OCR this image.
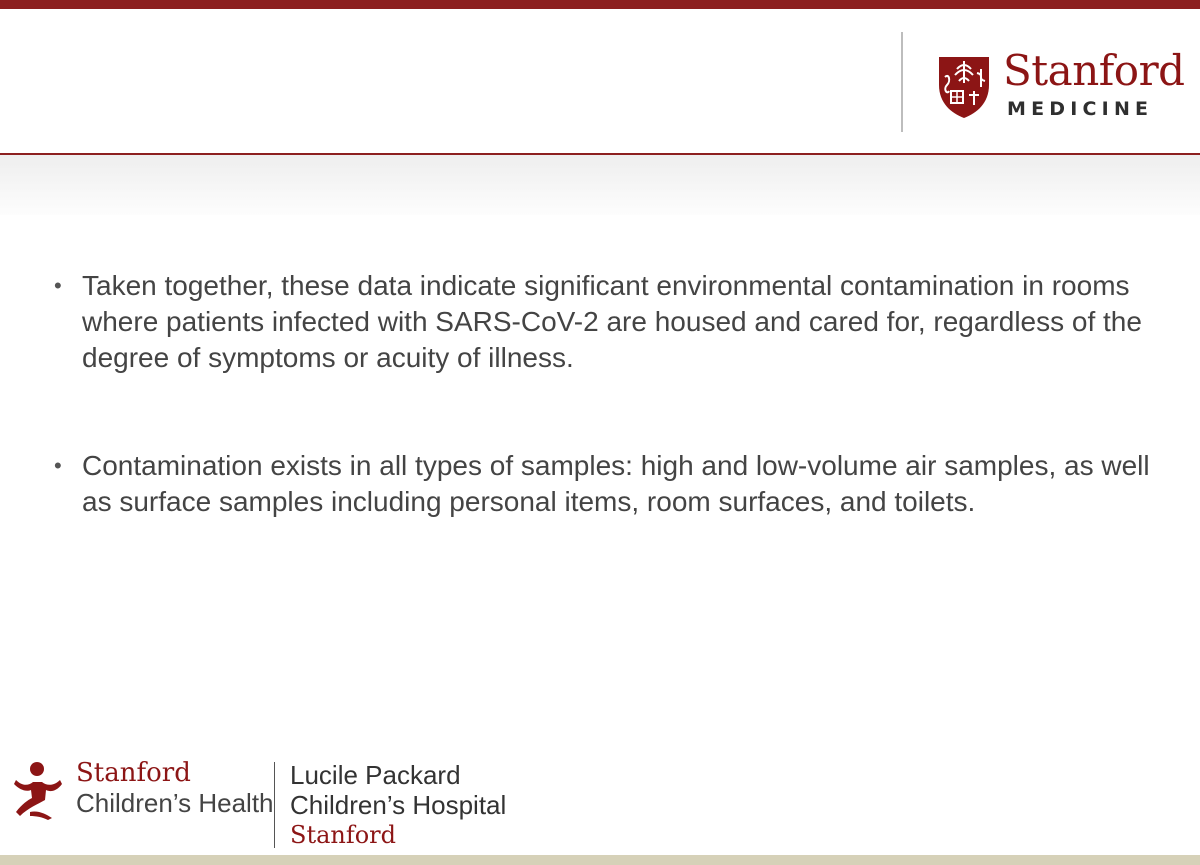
Stanford
MEDICINE
• Taken together, these data indicate significant environmental contamination in rooms where patients infected with SARS-CoV-2 are housed and cared for, regardless of the degree of symptoms or acuity of illness.
• Contamination exists in all types of samples: high and low-volume air samples, as well as surface samples including personal items, room surfaces, and toilets.
Stanford
Children’s Health
Lucile Packard
Children’s Hospital
Stanford
